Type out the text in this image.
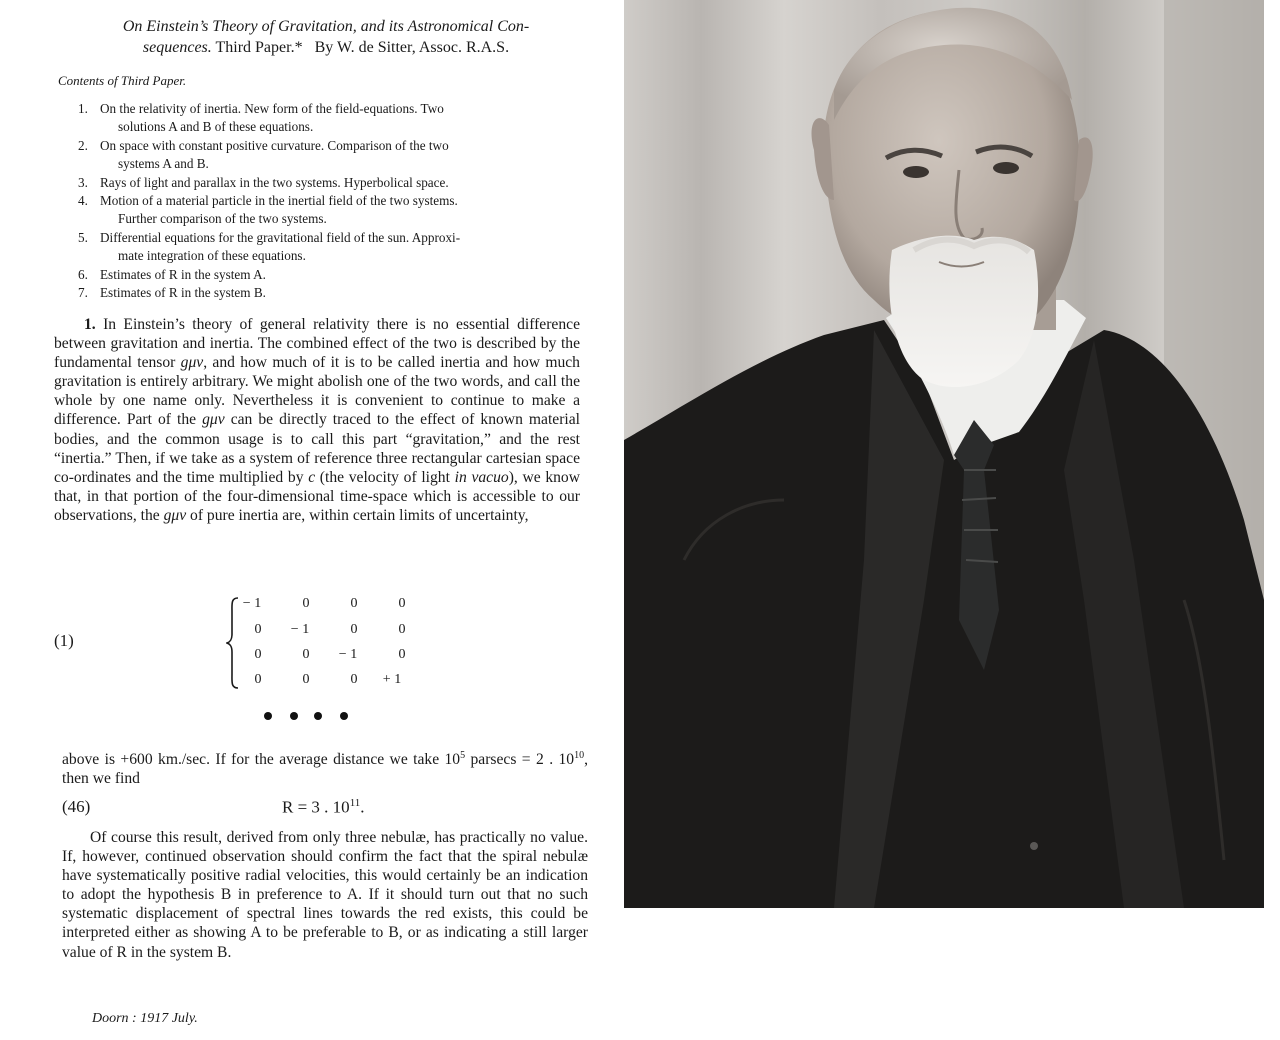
On Einstein’s Theory of Gravitation, and its Astronomical Con-
sequences. Third Paper.*   By W. de Sitter, Assoc. R.A.S.
Contents of Third Paper.
1. On the relativity of inertia. New form of the field-equations. Two
solutions A and B of these equations.
2. On space with constant positive curvature. Comparison of the two
systems A and B.
3. Rays of light and parallax in the two systems. Hyperbolical space.
4. Motion of a material particle in the inertial field of the two systems.
Further comparison of the two systems.
5. Differential equations for the gravitational field of the sun. Approxi-
mate integration of these equations.
6. Estimates of R in the system A.
7. Estimates of R in the system B.

1. In Einstein’s theory of general relativity there is no essential difference between gravitation and inertia. The combined effect of the two is described by the fundamental tensor gμν, and how much of it is to be called inertia and how much gravitation is entirely arbitrary. We might abolish one of the two words, and call the whole by one name only. Nevertheless it is convenient to continue to make a difference. Part of the gμν can be directly traced to the effect of known material bodies, and the common usage is to call this part “gravitation,” and the rest “inertia.” Then, if we take as a system of reference three rectangular cartesian space co-ordinates and the time multiplied by c (the velocity of light in vacuo), we know that, in that portion of the four-dimensional time-space which is accessible to our observations, the gμν of pure inertia are, within certain limits of uncertainty,

(1)
− 1	0	0	0
0	− 1	0	0
0	0	− 1	0
0	0	0	+ 1

above is +600 km./sec. If for the average distance we take $10^5$ parsecs = 2 . $10^{10}$, then we find

(46)	R = 3 . $10^{11}$.

Of course this result, derived from only three nebulæ, has practically no value. If, however, continued observation should confirm the fact that the spiral nebulæ have systematically positive radial velocities, this would certainly be an indication to adopt the hypothesis B in preference to A. If it should turn out that no such systematic displacement of spectral lines towards the red exists, this could be interpreted either as showing A to be preferable to B, or as indicating a still larger value of R in the system B.

Doorn : 1917 July.
